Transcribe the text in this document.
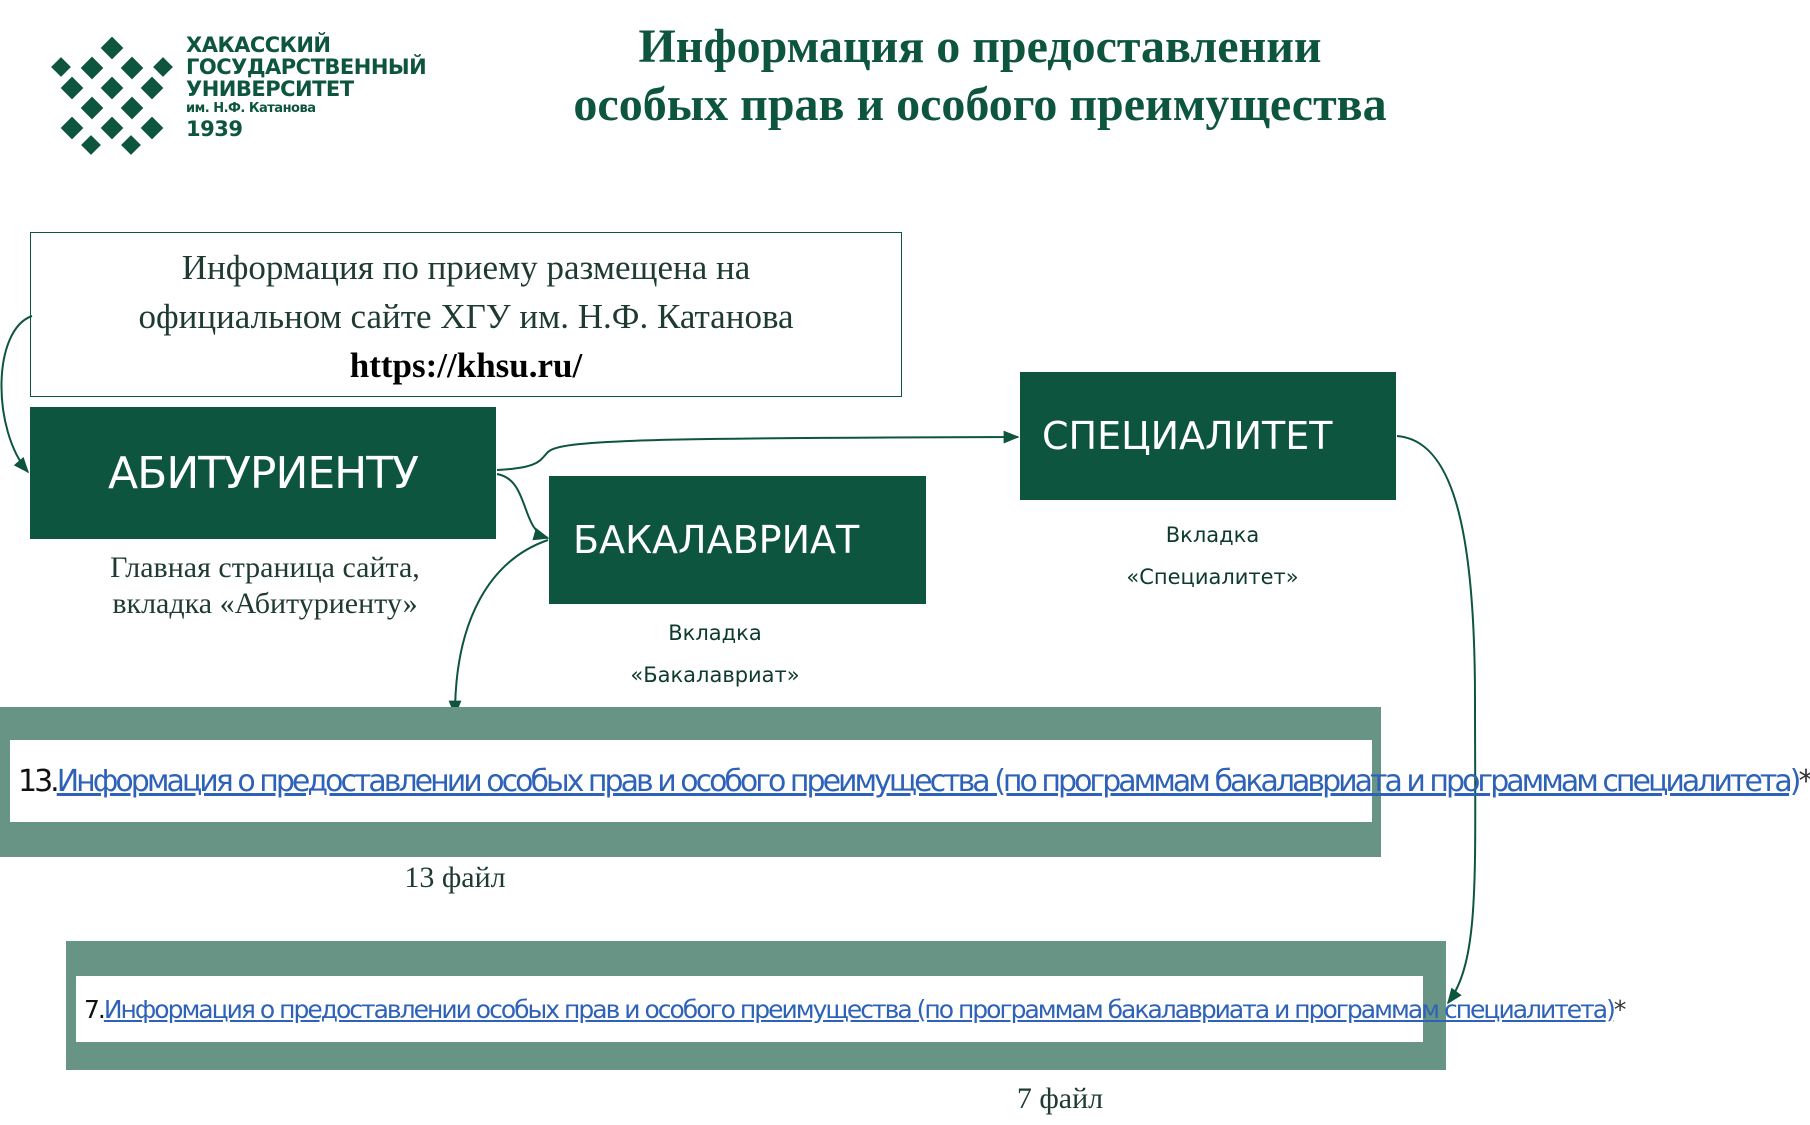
ХАКАССКИЙ
ГОСУДАРСТВЕННЫЙ
УНИВЕРСИТЕТ
им. Н.Ф. Катанова
1939
Информация о предоставлении
особых прав и особого преимущества
Информация по приему размещена на
официальном сайте ХГУ им. Н.Ф. Катанова
https://khsu.ru/
АБИТУРИЕНТУ
БАКАЛАВРИАТ
СПЕЦИАЛИТЕТ
Главная страница сайта,
вкладка «Абитуриенту»
Вкладка
«Бакалавриат»
Вкладка
«Специалитет»
13. Информация о предоставлении особых прав и особого преимущества (по программам бакалавриата и программам специалитета) *
13 файл
7. Информация о предоставлении особых прав и особого преимущества (по программам бакалавриата и программам специалитета) *
7 файл
